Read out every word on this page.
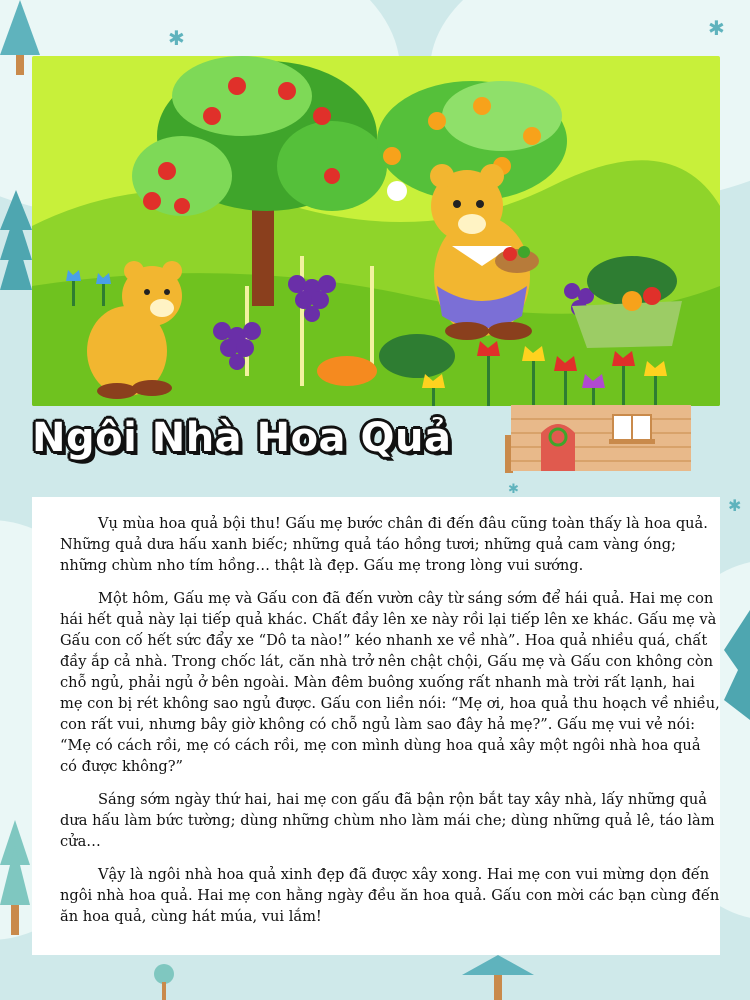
✱	✱
✱
✱
Ngôi Nhà Hoa Quả

Vụ mùa hoa quả bội thu! Gấu mẹ bước chân đi đến đâu cũng toàn thấy là hoa quả. Những quả dưa hấu xanh biếc; những quả táo hồng tươi; những quả cam vàng óng; những chùm nho tím hồng… thật là đẹp. Gấu mẹ trong lòng vui sướng.

Một hôm, Gấu mẹ và Gấu con đã đến vườn cây từ sáng sớm để hái quả. Hai mẹ con hái hết quả này lại tiếp quả khác. Chất đầy lên xe này rồi lại tiếp lên xe khác. Gấu mẹ và Gấu con cố hết sức đẩy xe “Dô ta nào!” kéo nhanh xe về nhà”. Hoa quả nhiều quá, chất đầy ắp cả nhà. Trong chốc lát, căn nhà trở nên chật chội, Gấu mẹ và Gấu con không còn chỗ ngủ, phải ngủ ở bên ngoài. Màn đêm buông xuống rất nhanh mà trời rất lạnh, hai mẹ con bị rét không sao ngủ được. Gấu con liền nói: “Mẹ ơi, hoa quả thu hoạch về nhiều, con rất vui, nhưng bây giờ không có chỗ ngủ làm sao đây hả mẹ?”. Gấu mẹ vui vẻ nói: “Mẹ có cách rồi, mẹ có cách rồi, mẹ con mình dùng hoa quả xây một ngôi nhà hoa quả có được không?”

Sáng sớm ngày thứ hai, hai mẹ con gấu đã bận rộn bắt tay xây nhà, lấy những quả dưa hấu làm bức tường; dùng những chùm nho làm mái che; dùng những quả lê, táo làm cửa…

Vậy là ngôi nhà hoa quả xinh đẹp đã được xây xong. Hai mẹ con vui mừng dọn đến ngôi nhà hoa quả. Hai mẹ con hằng ngày đều ăn hoa quả. Gấu con mời các bạn cùng đến ăn hoa quả, cùng hát múa, vui lắm!
